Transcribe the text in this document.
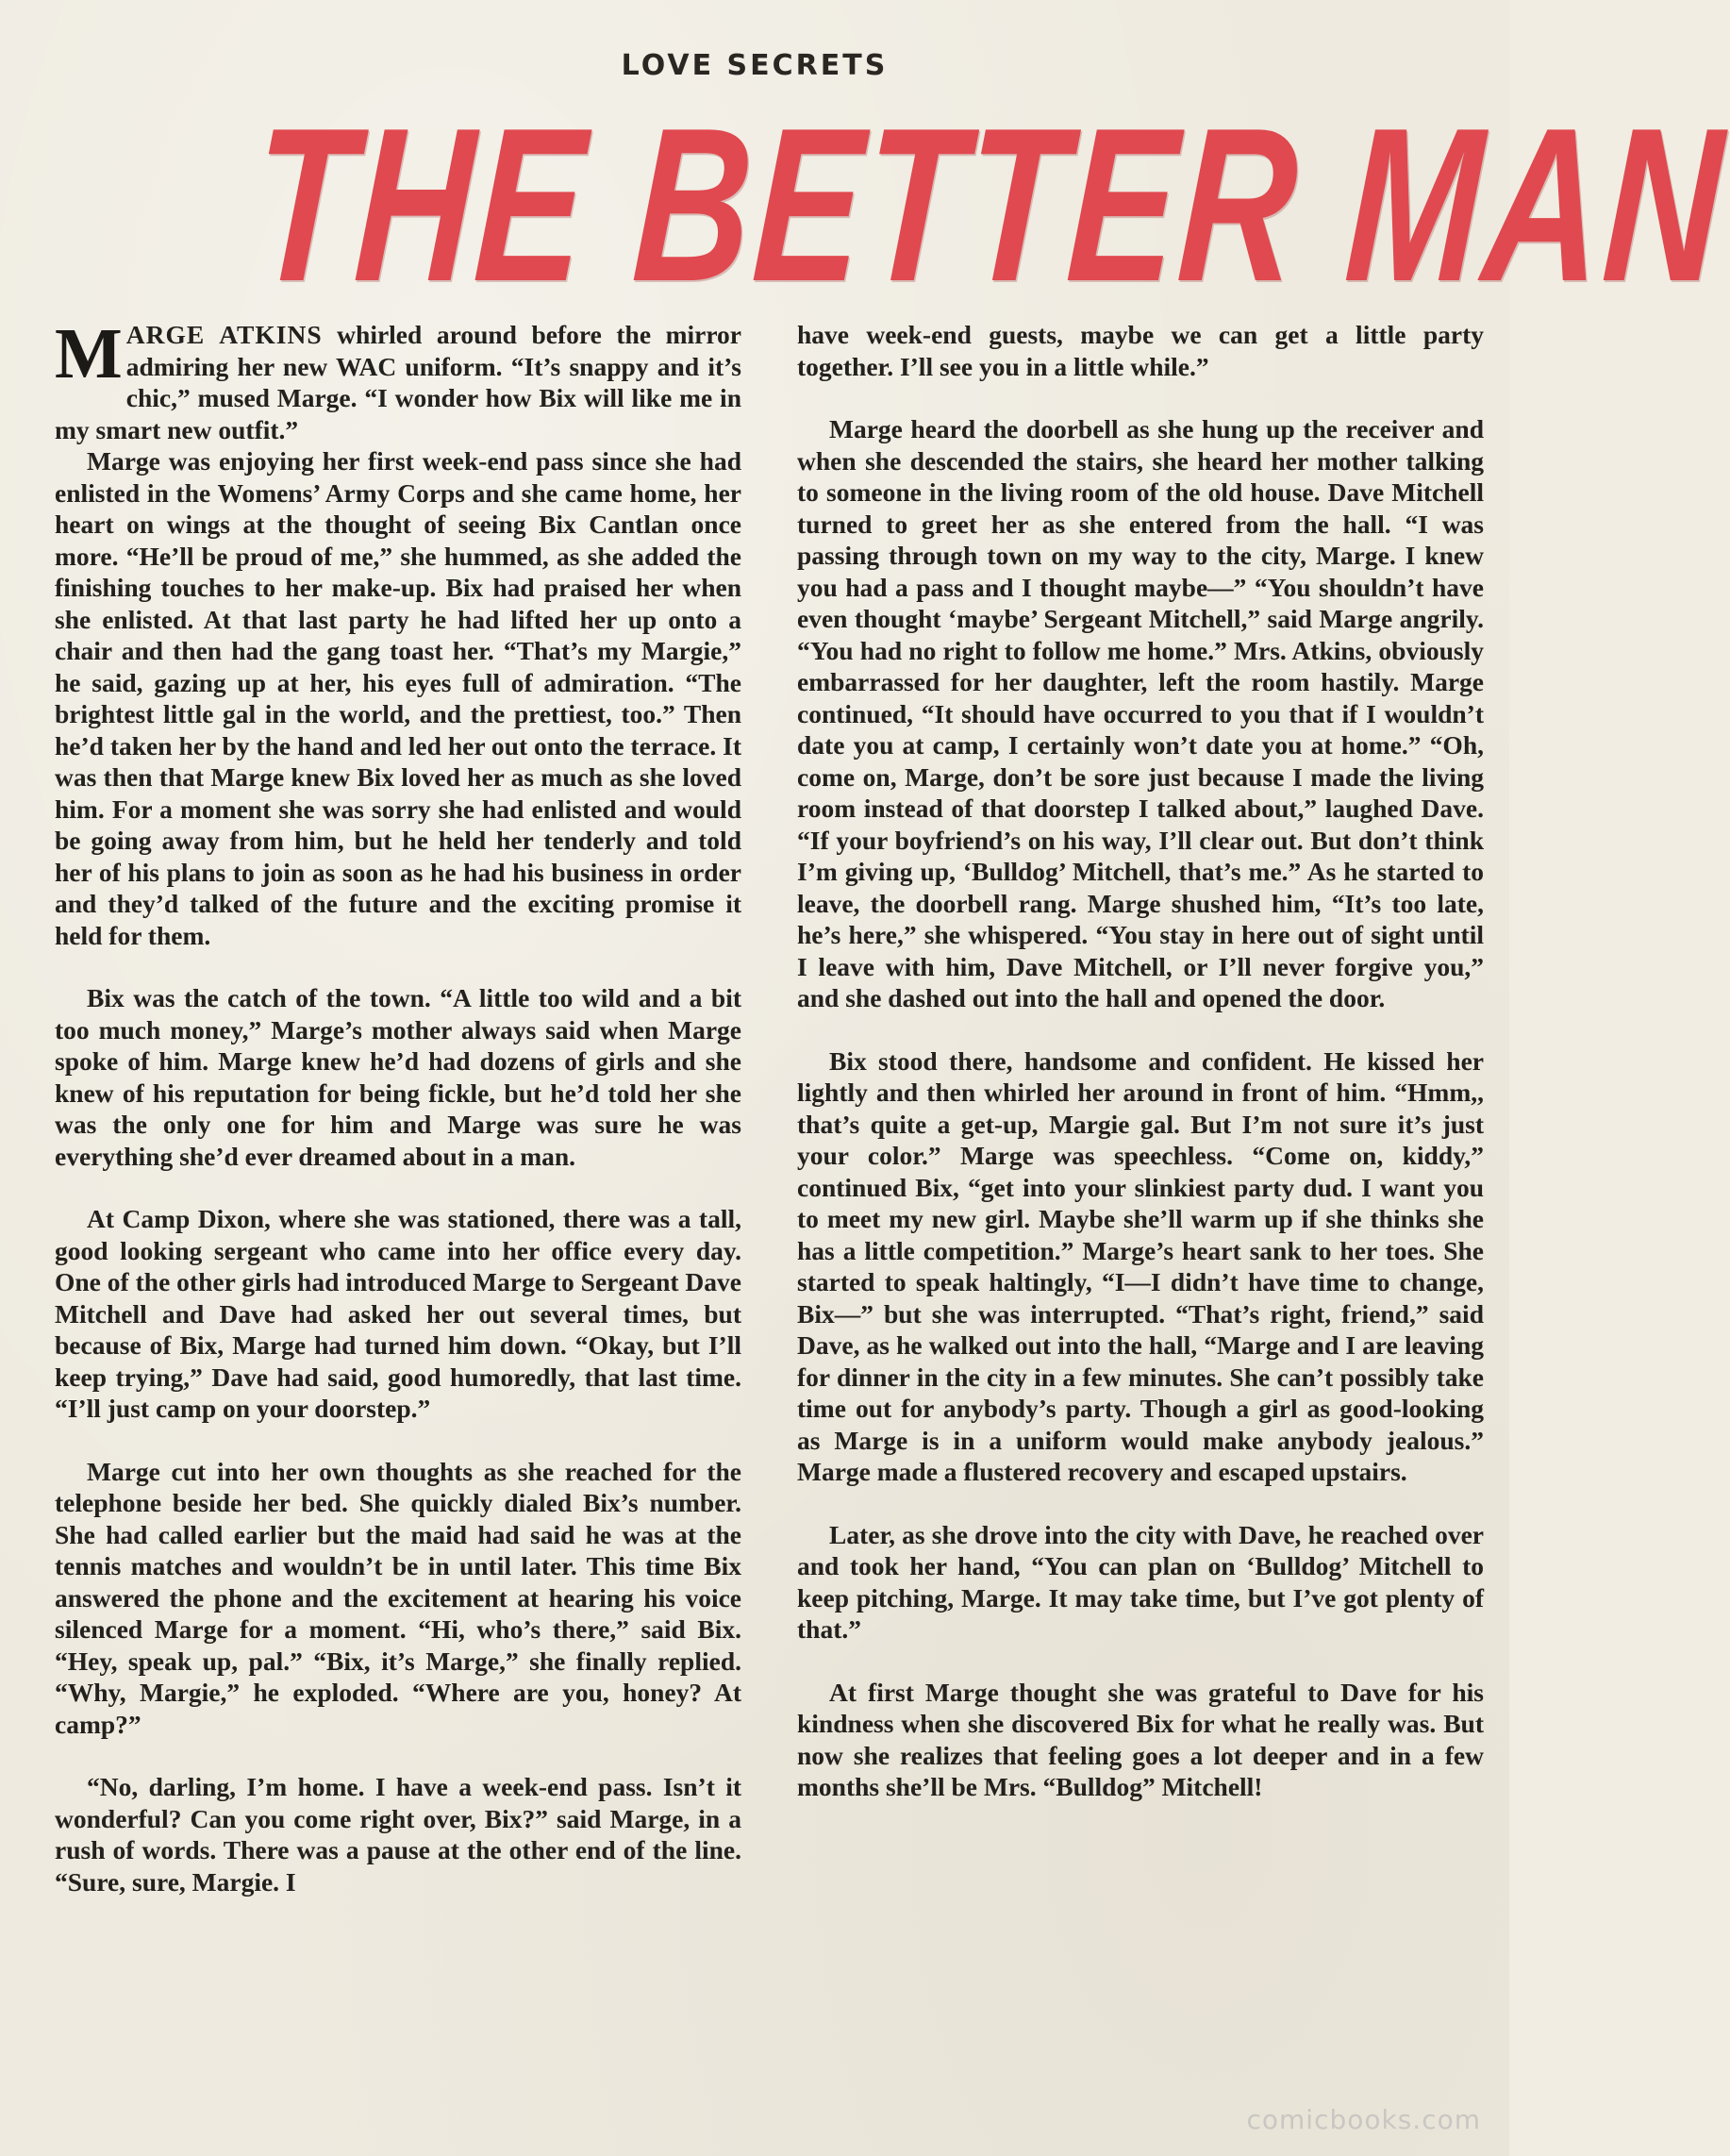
LOVE SECRETS
THE BETTER MAN

MARGE ATKINS whirled around before the mirror admiring her new WAC uniform. “It’s snappy and it’s chic,” mused Marge. “I wonder how Bix will like me in my smart new outfit.”

Marge was enjoying her first week-end pass since she had enlisted in the Womens’ Army Corps and she came home, her heart on wings at the thought of seeing Bix Cantlan once more. “He’ll be proud of me,” she hummed, as she added the finishing touches to her make-up. Bix had praised her when she enlisted. At that last party he had lifted her up onto a chair and then had the gang toast her. “That’s my Margie,” he said, gazing up at her, his eyes full of admiration. “The brightest little gal in the world, and the prettiest, too.” Then he’d taken her by the hand and led her out onto the terrace. It was then that Marge knew Bix loved her as much as she loved him. For a moment she was sorry she had enlisted and would be going away from him, but he held her tenderly and told her of his plans to join as soon as he had his business in order and they’d talked of the future and the exciting promise it held for them.

Bix was the catch of the town. “A little too wild and a bit too much money,” Marge’s mother always said when Marge spoke of him. Marge knew he’d had dozens of girls and she knew of his reputation for being fickle, but he’d told her she was the only one for him and Marge was sure he was everything she’d ever dreamed about in a man.

At Camp Dixon, where she was stationed, there was a tall, good looking sergeant who came into her office every day. One of the other girls had introduced Marge to Sergeant Dave Mitchell and Dave had asked her out several times, but because of Bix, Marge had turned him down. “Okay, but I’ll keep trying,” Dave had said, good humoredly, that last time. “I’ll just camp on your doorstep.”

Marge cut into her own thoughts as she reached for the telephone beside her bed. She quickly dialed Bix’s number. She had called earlier but the maid had said he was at the tennis matches and wouldn’t be in until later. This time Bix answered the phone and the excitement at hearing his voice silenced Marge for a moment. “Hi, who’s there,” said Bix. “Hey, speak up, pal.” “Bix, it’s Marge,” she finally replied. “Why, Margie,” he exploded. “Where are you, honey? At camp?”

“No, darling, I’m home. I have a week-end pass. Isn’t it wonderful? Can you come right over, Bix?” said Marge, in a rush of words. There was a pause at the other end of the line. “Sure, sure, Margie. I

have week-end guests, maybe we can get a little party together. I’ll see you in a little while.”

Marge heard the doorbell as she hung up the receiver and when she descended the stairs, she heard her mother talking to someone in the living room of the old house. Dave Mitchell turned to greet her as she entered from the hall. “I was passing through town on my way to the city, Marge. I knew you had a pass and I thought maybe—” “You shouldn’t have even thought ‘maybe’ Sergeant Mitchell,” said Marge angrily. “You had no right to follow me home.” Mrs. Atkins, obviously embarrassed for her daughter, left the room hastily. Marge continued, “It should have occurred to you that if I wouldn’t date you at camp, I certainly won’t date you at home.” “Oh, come on, Marge, don’t be sore just because I made the living room instead of that doorstep I talked about,” laughed Dave. “If your boyfriend’s on his way, I’ll clear out. But don’t think I’m giving up, ‘Bulldog’ Mitchell, that’s me.” As he started to leave, the doorbell rang. Marge shushed him, “It’s too late, he’s here,” she whispered. “You stay in here out of sight until I leave with him, Dave Mitchell, or I’ll never forgive you,” and she dashed out into the hall and opened the door.

Bix stood there, handsome and confident. He kissed her lightly and then whirled her around in front of him. “Hmm,, that’s quite a get-up, Margie gal. But I’m not sure it’s just your color.” Marge was speechless. “Come on, kiddy,” continued Bix, “get into your slinkiest party dud. I want you to meet my new girl. Maybe she’ll warm up if she thinks she has a little competition.” Marge’s heart sank to her toes. She started to speak haltingly, “I—I didn’t have time to change, Bix—” but she was interrupted. “That’s right, friend,” said Dave, as he walked out into the hall, “Marge and I are leaving for dinner in the city in a few minutes. She can’t possibly take time out for anybody’s party. Though a girl as good-looking as Marge is in a uniform would make anybody jealous.” Marge made a flustered recovery and escaped upstairs.

Later, as she drove into the city with Dave, he reached over and took her hand, “You can plan on ‘Bulldog’ Mitchell to keep pitching, Marge. It may take time, but I’ve got plenty of that.”

At first Marge thought she was grateful to Dave for his kindness when she discovered Bix for what he really was. But now she realizes that feeling goes a lot deeper and in a few months she’ll be Mrs. “Bulldog” Mitchell!

comicbooks.com
